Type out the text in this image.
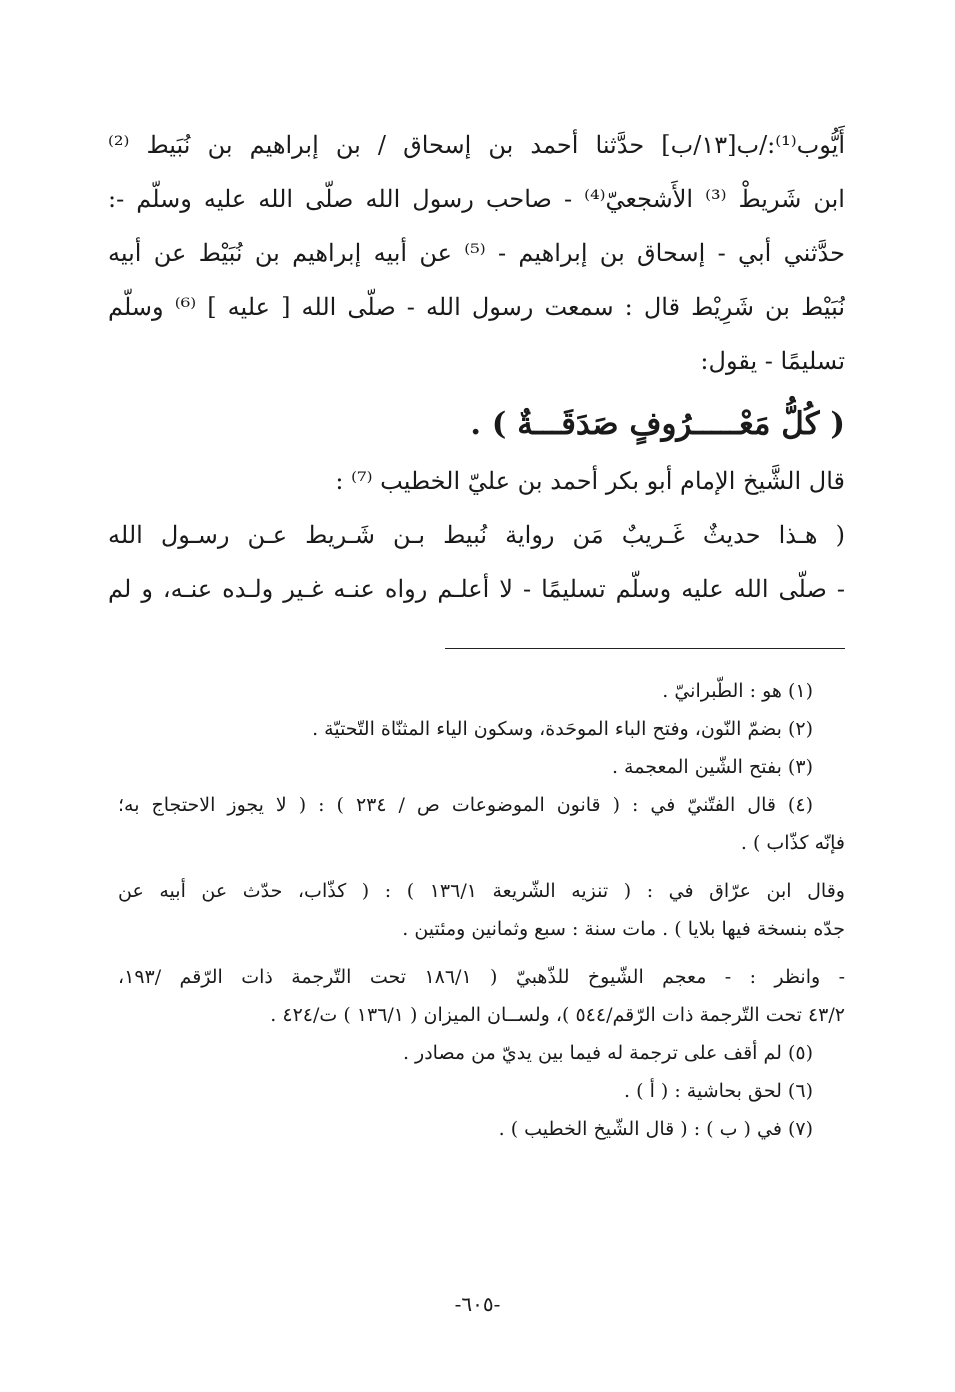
أَيُّوب⁽¹⁾:/ب[١٣/ب] حدَّثنا أحمد بن إسحاق / بن إبراهيم بن نُبَيط ⁽²⁾
ابن شَريطْ ⁽³⁾ الأَشجعيّ⁽⁴⁾ - صاحب رسول الله صلّى الله عليه وسلّم -:
حدَّثني أبي - إسحاق بن إبراهيم - ⁽⁵⁾ عن أبيه إبراهيم بن نُبَيْط عن أبيه
نُبَيْط بن شَرِيْط قال : سمعت رسول الله - صلّى الله [ عليه ] ⁽⁶⁾ وسلّم
تسليمًا - يقول:
( كُلُّ مَعْـــــرُوفٍ صَدَقَـــةٌ ) .
قال الشَّيخ الإمام أبو بكر أحمد بن عليّ الخطيب ⁽⁷⁾ :
( هـذا حديثٌ غَـريبٌ مَن رواية نُبيط بـن شَـريط عـن رسـول الله
- صلّى الله عليه وسلّم تسليمًا - لا أعلـم رواه عنـه غـير ولـده عنـه، و لم
(١) هو : الطّبرانيّ .
(٢) بضمّ النّون، وفتح الباء الموحَدة، وسكون الياء المثنّاة التّحتيّة .
(٣) بفتح الشّين المعجمة .
(٤) قال الفتّنيّ في : ( قانون الموضوعات ص / ٢٣٤ ) : ( لا يجوز الاحتجاج به؛
فإنّه كذّاب ) .
وقال ابن عرّاق في : ( تنزيه الشّريعة ١٣٦/١ ) : ( كذّاب، حدّث عن أبيه عن
جدّه بنسخة فيها بلايا ) . مات سنة : سبع وثمانين ومئتين .
- وانظر : - معجم الشّيوخ للذّهبيّ ( ١٨٦/١ تحت التّرجمة ذات الرّقم /١٩٣،
٤٣/٢ تحت التّرجمة ذات الرّقم/٥٤٤ )، ولســان الميزان ( ١٣٦/١ ) ت/٤٢٤ .
(٥) لم أقف على ترجمة له فيما بين يديّ من مصادر .
(٦) لحق بحاشية : ( أ ) .
(٧) في ( ب ) : ( قال الشّيخ الخطيب ) .
-٦٠٥-
